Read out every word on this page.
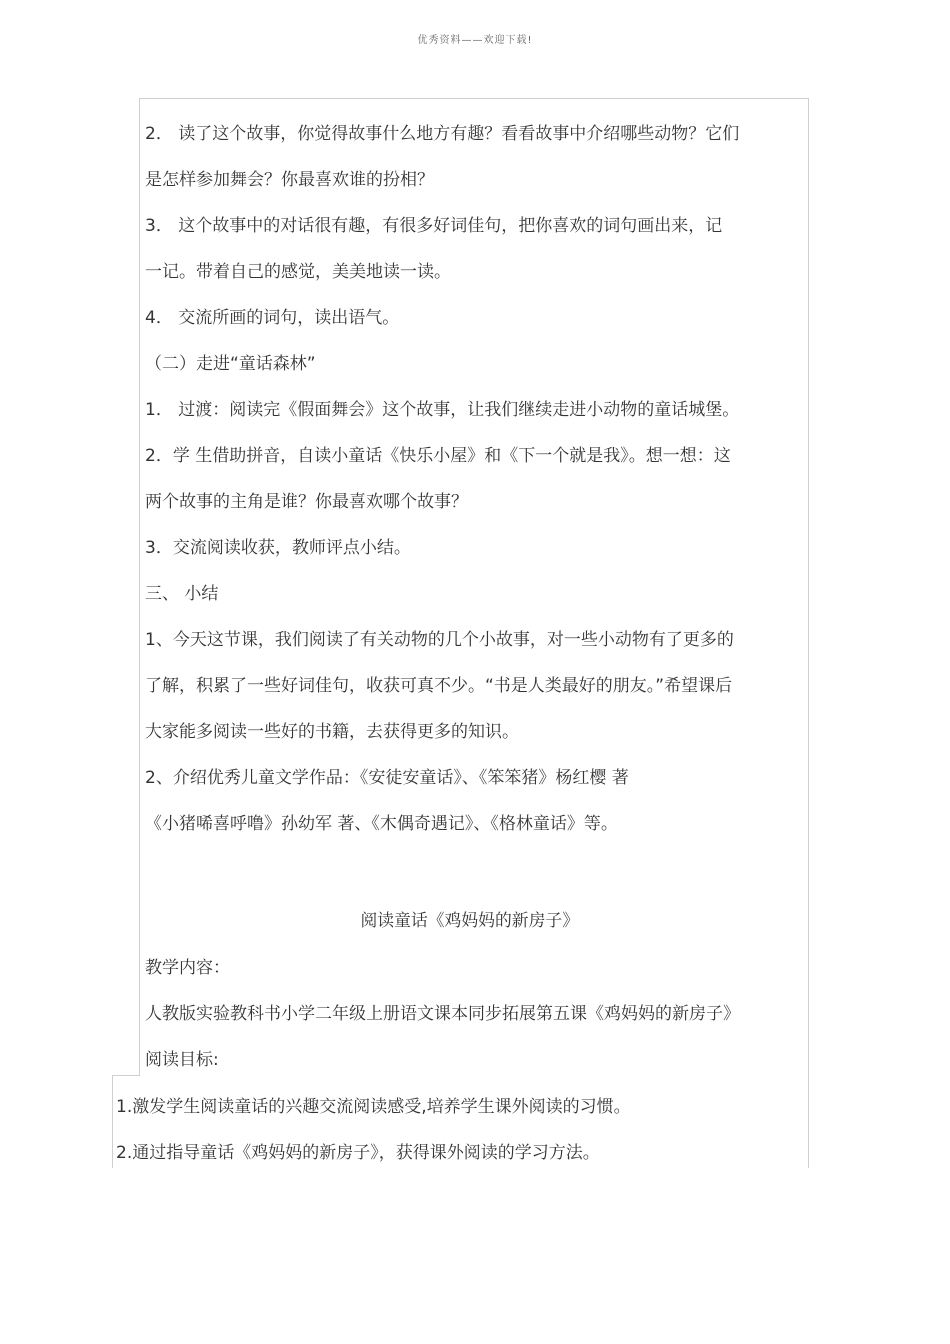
优秀资料——欢迎下载!
2． 读了这个故事，你觉得故事什么地方有趣？看看故事中介绍哪些动物？它们
是怎样参加舞会？你最喜欢谁的扮相？
3． 这个故事中的对话很有趣，有很多好词佳句，把你喜欢的词句画出来，记
一记。带着自己的感觉，美美地读一读。
4． 交流所画的词句，读出语气。
（二）走进“童话森林”
1． 过渡：阅读完《假面舞会》这个故事，让我们继续走进小动物的童话城堡。
2．学 生借助拼音，自读小童话《快乐小屋》和《下一个就是我》。想一想：这
两个故事的主角是谁？你最喜欢哪个故事？
3．交流阅读收获，教师评点小结。
三、 小结
1、今天这节课，我们阅读了有关动物的几个小故事，对一些小动物有了更多的
了解，积累了一些好词佳句，收获可真不少。“书是人类最好的朋友。”希望课后
大家能多阅读一些好的书籍，去获得更多的知识。
2、介绍优秀儿童文学作品：《安徒安童话》、《笨笨猪》杨红樱 著
《小猪唏喜呼噜》孙幼军 著、《木偶奇遇记》、《格林童话》等。
阅读童话《鸡妈妈的新房子》
教学内容：
人教版实验教科书小学二年级上册语文课本同步拓展第五课《鸡妈妈的新房子》
阅读目标:
1.激发学生阅读童话的兴趣交流阅读感受,培养学生课外阅读的习惯。
2.通过指导童话《鸡妈妈的新房子》，获得课外阅读的学习方法。
